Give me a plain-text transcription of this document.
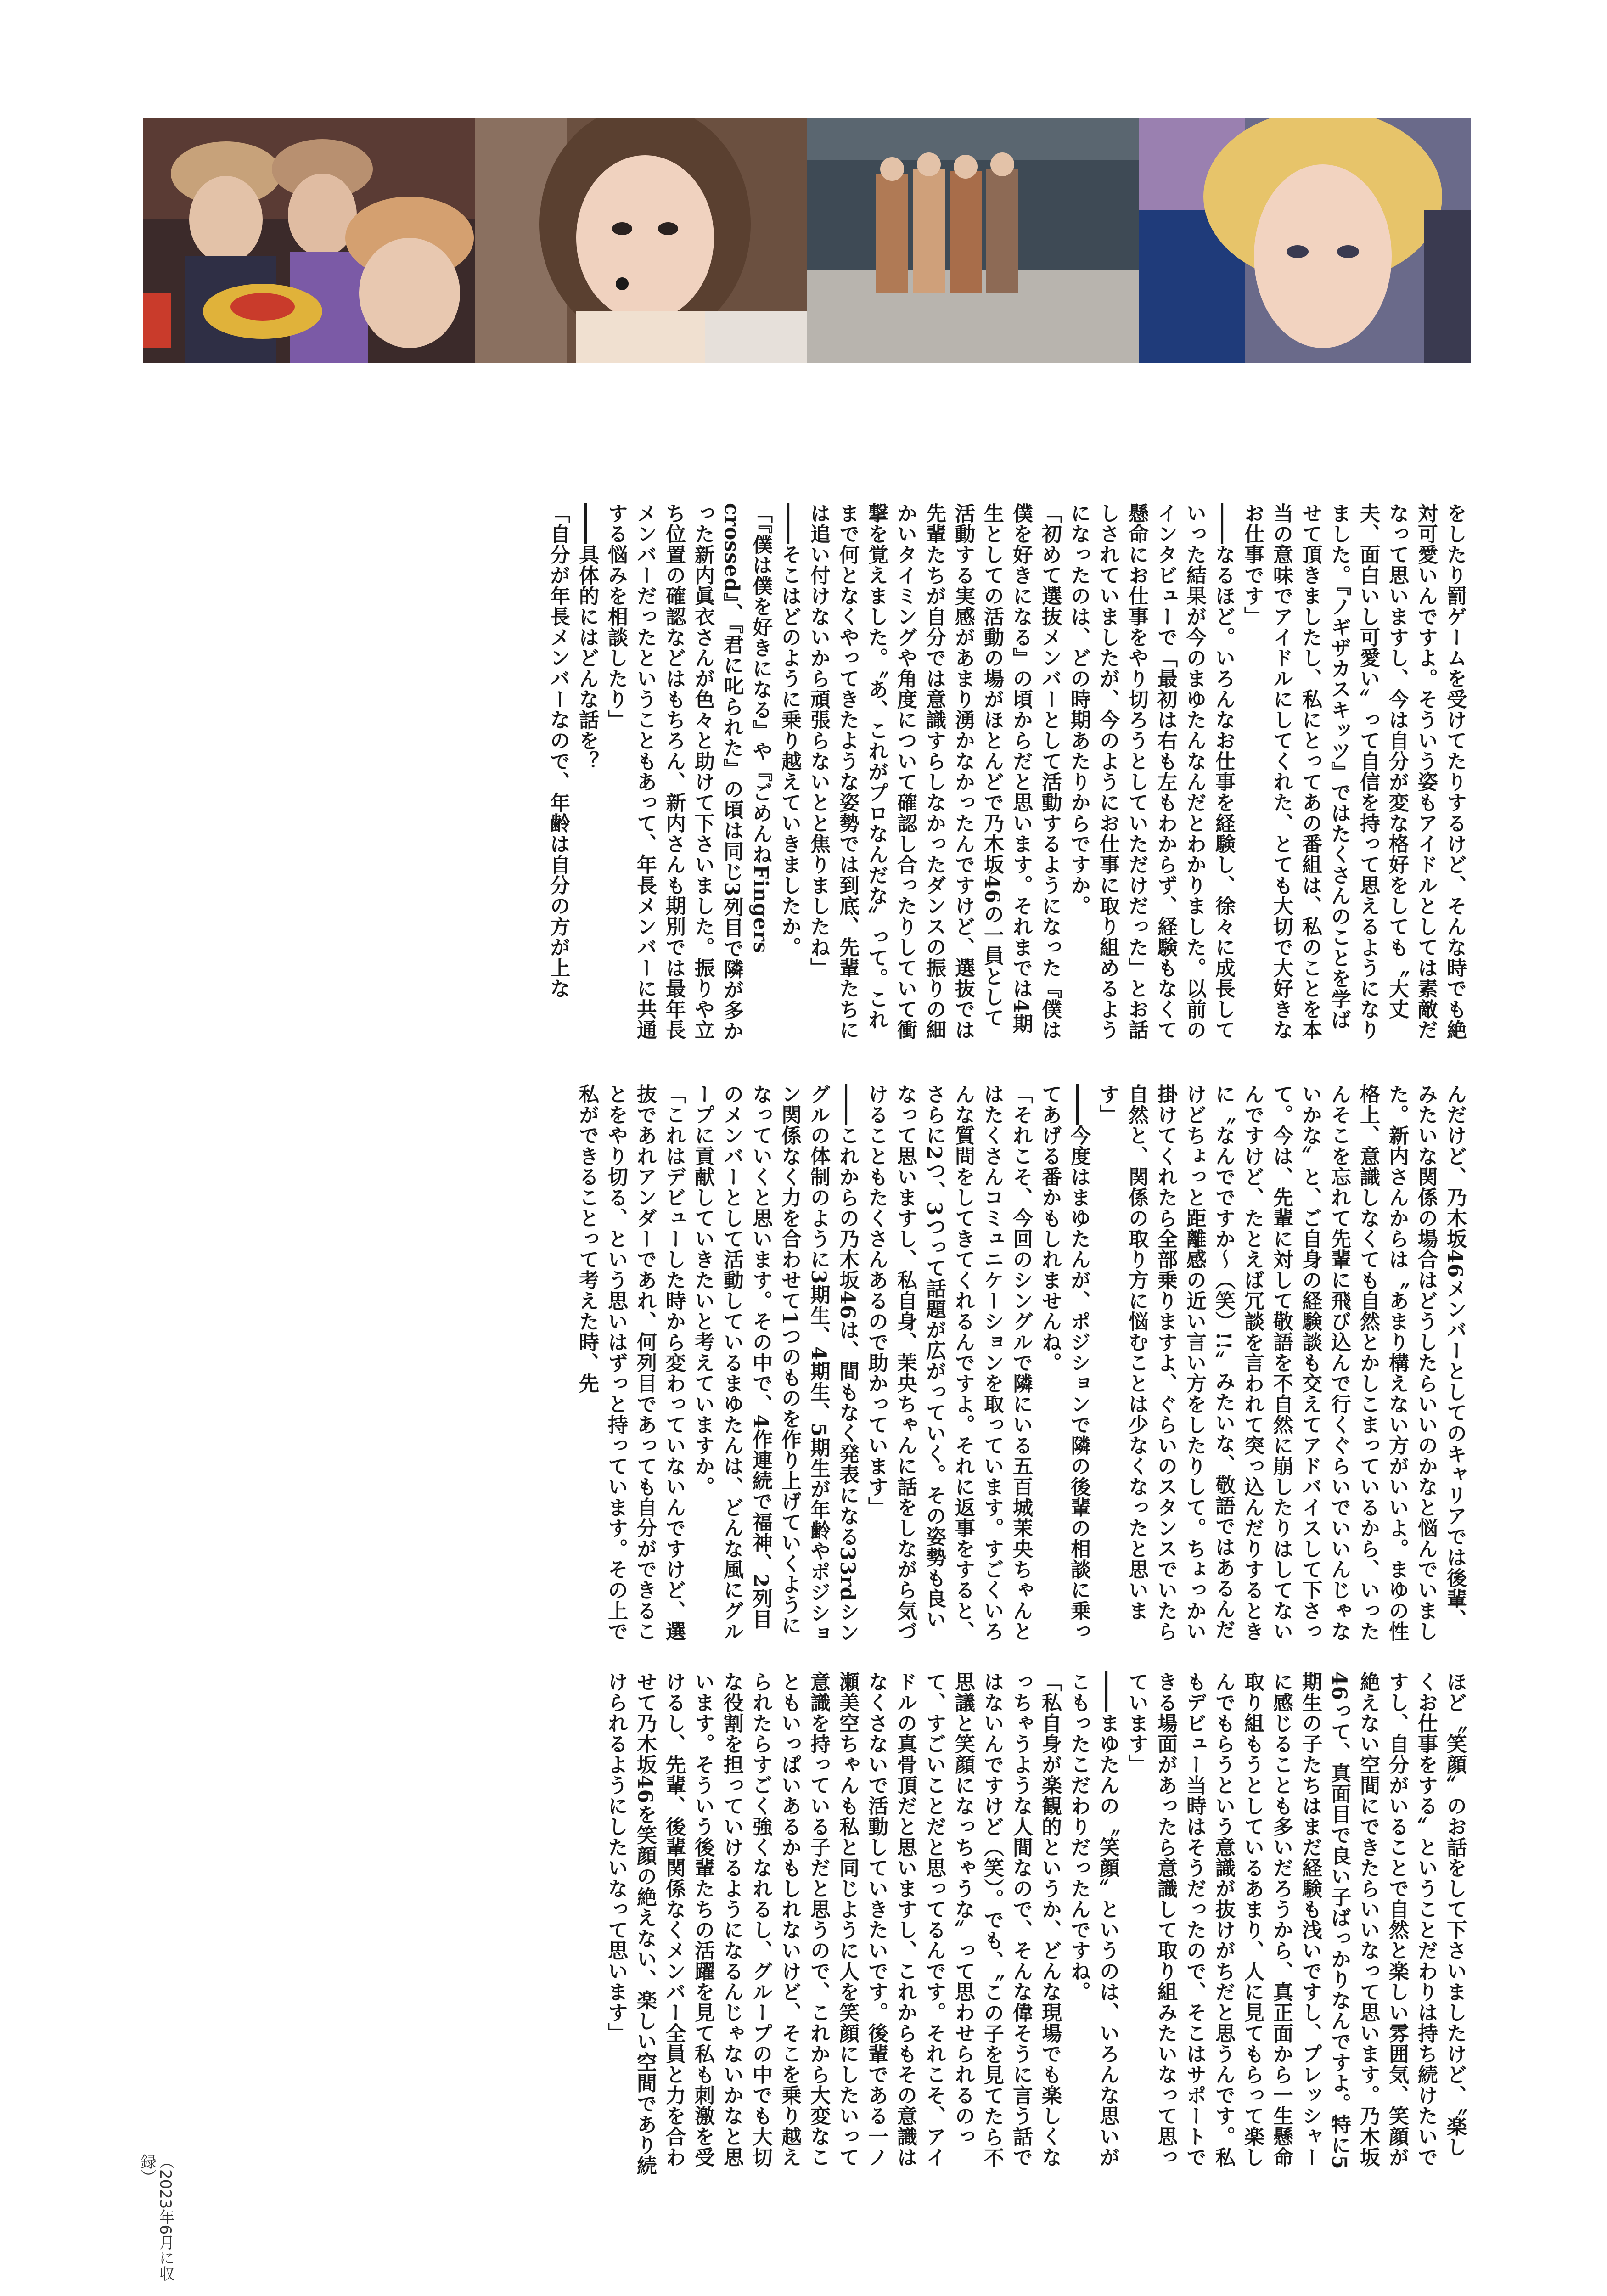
をしたり罰ゲームを受けてたりするけど、そんな時でも絶対可愛いんですよ。そういう姿もアイドルとしては素敵だなって思いますし、今は自分が変な格好をしても〝大丈夫、面白いし可愛い〟って自信を持って思えるようになりました。『ノギザカスキッツ』ではたくさんのことを学ばせて頂きましたし、私にとってあの番組は、私のことを本当の意味でアイドルにしてくれた、とても大切で大好きなお仕事です」

――なるほど。いろんなお仕事を経験し、徐々に成長していった結果が今のまゆたんなんだとわかりました。以前のインタビューで「最初は右も左もわからず、経験もなくて懸命にお仕事をやり切ろうとしていただけだった」とお話しされていましたが、今のようにお仕事に取り組めるようになったのは、どの時期あたりからですか。

「初めて選抜メンバーとして活動するようになった『僕は僕を好きになる』の頃からだと思います。それまでは4期生としての活動の場がほとんどで乃木坂46の一員として活動する実感があまり湧かなかったんですけど、選抜では先輩たちが自分では意識すらしなかったダンスの振りの細かいタイミングや角度について確認し合ったりしていて衝撃を覚えました。〝あ、これがプロなんだな〟って。これまで何となくやってきたような姿勢では到底、先輩たちには追い付けないから頑張らないとと焦りましたね」

――そこはどのように乗り越えていきましたか。

「『僕は僕を好きになる』や『ごめんねFingers crossed』、『君に叱られた』の頃は同じ3列目で隣が多かった新内眞衣さんが色々と助けて下さいました。振りや立ち位置の確認などはもちろん、新内さんも期別では最年長メンバーだったということもあって、年長メンバーに共通する悩みを相談したり」

――具体的にはどんな話を？

「自分が年長メンバーなので、年齢は自分の方が上な

んだけど、乃木坂46メンバーとしてのキャリアでは後輩、みたいな関係の場合はどうしたらいいのかなと悩んでいました。新内さんからは〝あまり構えない方がいいよ。まゆの性格上、意識しなくても自然とかしこまっているから、いったんそこを忘れて先輩に飛び込んで行くぐらいでいいんじゃないかな〟と、ご自身の経験談も交えてアドバイスして下さって。今は、先輩に対して敬語を不自然に崩したりはしてないんですけど、たとえば冗談を言われて突っ込んだりするときに〝なんでですか～（笑）!!〟みたいな、敬語ではあるんだけどちょっと距離感の近い言い方をしたりして。ちょっかい掛けてくれたら全部乗りますよ、ぐらいのスタンスでいたら自然と、関係の取り方に悩むことは少なくなったと思います」

――今度はまゆたんが、ポジションで隣の後輩の相談に乗ってあげる番かもしれませんね。

「それこそ、今回のシングルで隣にいる五百城茉央ちゃんとはたくさんコミュニケーションを取っています。すごくいろんな質問をしてきてくれるんですよ。それに返事をすると、さらに2つ、3つって話題が広がっていく。その姿勢も良いなって思いますし、私自身、茉央ちゃんに話をしながら気づけることもたくさんあるので助かっています」

――これからの乃木坂46は、間もなく発表になる33rdシングルの体制のように3期生、4期生、5期生が年齢やポジション関係なく力を合わせて1つのものを作り上げていくようになっていくと思います。その中で、4作連続で福神、2列目のメンバーとして活動しているまゆたんは、どんな風にグループに貢献していきたいと考えていますか。

「これはデビューした時から変わっていないんですけど、選抜であれアンダーであれ、何列目であっても自分ができることをやり切る、という思いはずっと持っています。その上で私ができることって考えた時、先

ほど〝笑顔〟のお話をして下さいましたけど、〝楽しくお仕事をする〟ということだわりは持ち続けたいですし、自分がいることで自然と楽しい雰囲気、笑顔が絶えない空間にできたらいいなって思います。乃木坂46って、真面目で良い子ばっかりなんですよ。特に5期生の子たちはまだ経験も浅いですし、プレッシャーに感じることも多いだろうから、真正面から一生懸命取り組もうとしているあまり、人に見てもらって楽しんでもらうという意識が抜けがちだと思うんです。私もデビュー当時はそうだったので、そこはサポートできる場面があったら意識して取り組みたいなって思っています」

――まゆたんの〝笑顔〟というのは、いろんな思いがこもったこだわりだったんですね。

「私自身が楽観的というか、どんな現場でも楽しくなっちゃうような人間なので、そんな偉そうに言う話ではないんですけど（笑）。でも、〝この子を見てたら不思議と笑顔になっちゃうな〟って思わせられるのって、すごいことだと思ってるんです。それこそ、アイドルの真骨頂だと思いますし、これからもその意識はなくさないで活動していきたいです。後輩である一ノ瀬美空ちゃんも私と同じように人を笑顔にしたいって意識を持っている子だと思うので、これから大変なこともいっぱいあるかもしれないけど、そこを乗り越えられたらすごく強くなれるし、グループの中でも大切な役割を担っていけるようになるんじゃないかなと思います。そういう後輩たちの活躍を見て私も刺激を受けるし、先輩、後輩関係なくメンバー全員と力を合わせて乃木坂46を笑顔の絶えない、楽しい空間であり続けられるようにしたいなって思います」

（2023年6月に収録）
